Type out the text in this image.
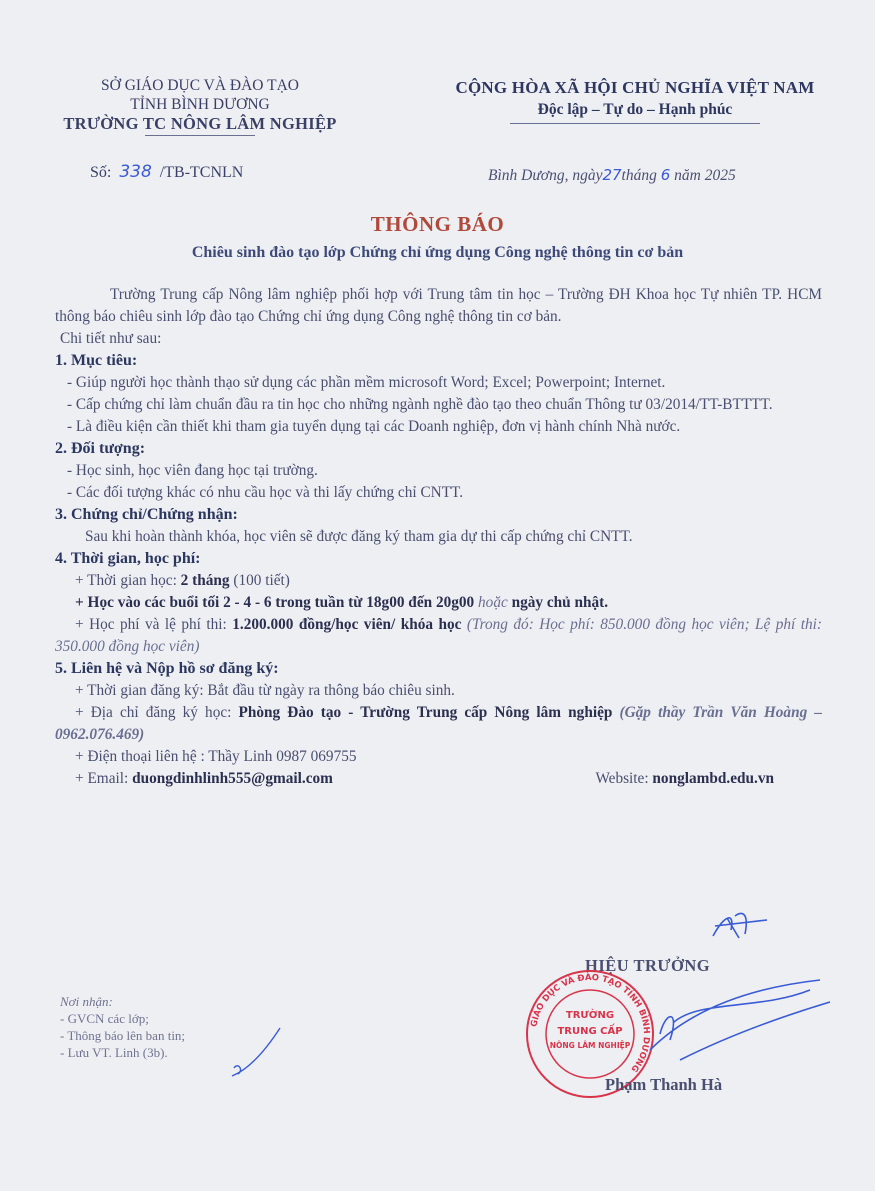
SỞ GIÁO DỤC VÀ ĐÀO TẠO
TỈNH BÌNH DƯƠNG
TRƯỜNG TC NÔNG LÂM NGHIỆP
CỘNG HÒA XÃ HỘI CHỦ NGHĨA VIỆT NAM
Độc lập – Tự do – Hạnh phúc
Số: 338 /TB-TCNLN	Bình Dương, ngày27tháng 6 năm 2025
THÔNG BÁO
Chiêu sinh đào tạo lớp Chứng chỉ ứng dụng Công nghệ thông tin cơ bản

Trường Trung cấp Nông lâm nghiệp phối hợp với Trung tâm tin học – Trường ĐH Khoa học Tự nhiên TP. HCM thông báo chiêu sinh lớp đào tạo Chứng chỉ ứng dụng Công nghệ thông tin cơ bản.

Chi tiết như sau:

1. Mục tiêu:

- Giúp người học thành thạo sử dụng các phần mềm microsoft Word; Excel; Powerpoint; Internet.

- Cấp chứng chỉ làm chuẩn đầu ra tin học cho những ngành nghề đào tạo theo chuẩn Thông tư 03/2014/TT-BTTTT.

- Là điều kiện cần thiết khi tham gia tuyển dụng tại các Doanh nghiệp, đơn vị hành chính Nhà nước.

2. Đối tượng:

- Học sinh, học viên đang học tại trường.

- Các đối tượng khác có nhu cầu học và thi lấy chứng chỉ CNTT.

3. Chứng chỉ/Chứng nhận:

Sau khi hoàn thành khóa, học viên sẽ được đăng ký tham gia dự thi cấp chứng chỉ CNTT.

4. Thời gian, học phí:

+ Thời gian học: 2 tháng (100 tiết)

+ Học vào các buổi tối 2 - 4 - 6 trong tuần từ 18g00 đến 20g00 hoặc ngày chủ nhật.

+ Học phí và lệ phí thi: 1.200.000 đồng/học viên/ khóa học (Trong đó: Học phí: 850.000 đồng học viên; Lệ phí thi: 350.000 đồng học viên)

5. Liên hệ và Nộp hồ sơ đăng ký:

+ Thời gian đăng ký: Bắt đầu từ ngày ra thông báo chiêu sinh.

+ Địa chỉ đăng ký học: Phòng Đào tạo - Trường Trung cấp Nông lâm nghiệp (Gặp thầy Trần Văn Hoàng – 0962.076.469)

+ Điện thoại liên hệ : Thầy Linh 0987 069755

+ Email: duongdinhlinh555@gmail.com	Website: nonglambd.edu.vn
Nơi nhận:
- GVCN các lớp;
- Thông báo lên ban tin;
- Lưu VT. Linh (3b).
HIỆU TRƯỞNG
GIÁO DỤC VÀ ĐÀO TẠO TỈNH BÌNH DƯƠNG
TRƯỜNG
TRUNG CẤP
NÔNG LÂM NGHIỆP
Phạm Thanh Hà
